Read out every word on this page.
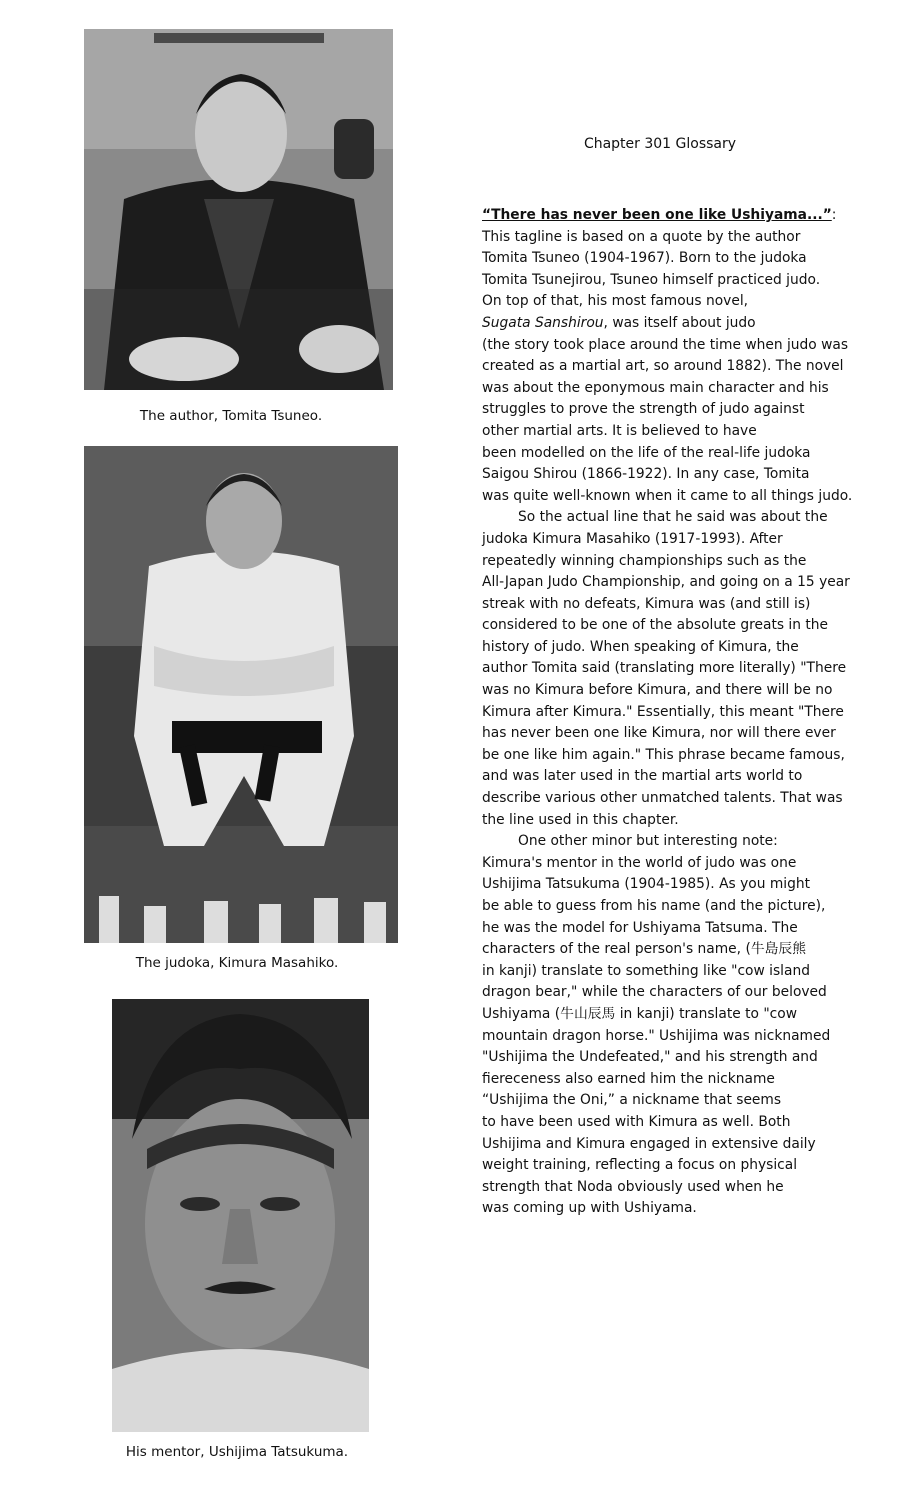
The author, Tomita Tsuneo.
The judoka, Kimura Masahiko.
His mentor, Ushijima Tatsukuma.
Chapter 301 Glossary
“There has never been one like Ushiyama...”:
This tagline is based on a quote by the author
Tomita Tsuneo (1904-1967). Born to the judoka
Tomita Tsunejirou, Tsuneo himself practiced judo.
On top of that, his most famous novel,
Sugata Sanshirou, was itself about judo
(the story took place around the time when judo was
created as a martial art, so around 1882). The novel
was about the eponymous main character and his
struggles to prove the strength of judo against
other martial arts. It is believed to have
been modelled on the life of the real-life judoka
Saigou Shirou (1866-1922). In any case, Tomita
was quite well-known when it came to all things judo.
So the actual line that he said was about the
judoka Kimura Masahiko (1917-1993). After
repeatedly winning championships such as the
All-Japan Judo Championship, and going on a 15 year
streak with no defeats, Kimura was (and still is)
considered to be one of the absolute greats in the
history of judo. When speaking of Kimura, the
author Tomita said (translating more literally) "There
was no Kimura before Kimura, and there will be no
Kimura after Kimura." Essentially, this meant "There
has never been one like Kimura, nor will there ever
be one like him again." This phrase became famous,
and was later used in the martial arts world to
describe various other unmatched talents. That was
the line used in this chapter.
One other minor but interesting note:
Kimura's mentor in the world of judo was one
Ushijima Tatsukuma (1904-1985). As you might
be able to guess from his name (and the picture),
he was the model for Ushiyama Tatsuma. The
characters of the real person's name, (牛島辰熊
in kanji) translate to something like "cow island
dragon bear," while the characters of our beloved
Ushiyama (牛山辰馬 in kanji) translate to "cow
mountain dragon horse." Ushijima was nicknamed
"Ushijima the Undefeated," and his strength and
fiereceness also earned him the nickname
“Ushijima the Oni,” a nickname that seems
to have been used with Kimura as well. Both
Ushijima and Kimura engaged in extensive daily
weight training, reflecting a focus on physical
strength that Noda obviously used when he
was coming up with Ushiyama.
